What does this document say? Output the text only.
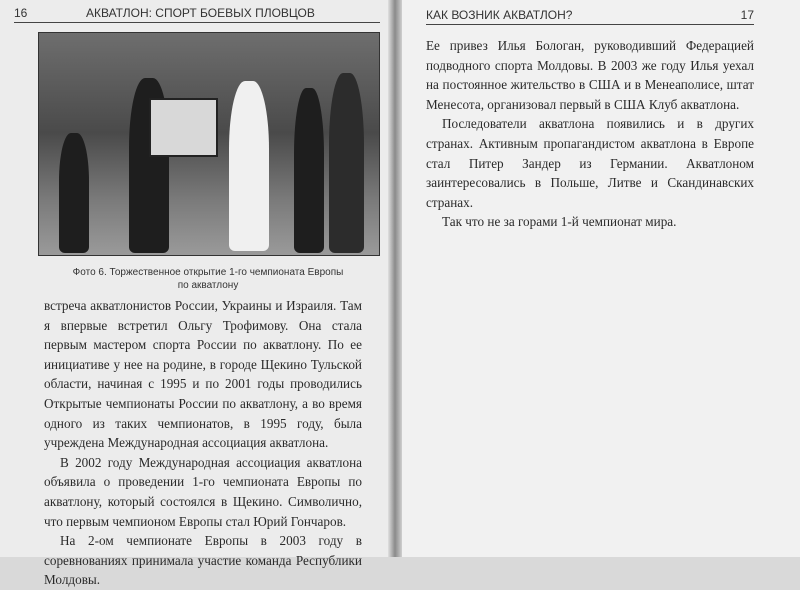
16	АКВАТЛОН: СПОРТ БОЕВЫХ ПЛОВЦОВ
Фото 6. Торжественное открытие 1-го чемпионата Европы
по акватлону

встреча акватлонистов России, Украины и Израиля. Там я впервые встретил Ольгу Трофимову. Она стала первым мастером спорта России по акватлону. По ее инициативе у нее на родине, в городе Щекино Тульской области, начиная с 1995 и по 2001 годы проводились Открытые чемпионаты России по акватлону, а во время одного из таких чемпионатов, в 1995 году, была учреждена Международная ассоциация акватлона.

В 2002 году Международная ассоциация акватлона объявила о проведении 1-го чемпионата Европы по акватлону, который состоялся в Щекино. Символично, что первым чемпионом Европы стал Юрий Гончаров.

На 2-ом чемпионате Европы в 2003 году в соревнованиях принимала участие команда Республики Молдовы.

КАК ВОЗНИК АКВАТЛОН?	17

Ее привез Илья Бологан, руководивший Федерацией подводного спорта Молдовы. В 2003 же году Илья уехал на постоянное жительство в США и в Менеаполисе, штат Менесота, организовал первый в США Клуб акватлона.

Последователи акватлона появились и в других странах. Активным пропагандистом акватлона в Европе стал Питер Зандер из Германии. Акватлоном заинтересовались в Польше, Литве и Скандинавских странах.

Так что не за горами 1-й чемпионат мира.
